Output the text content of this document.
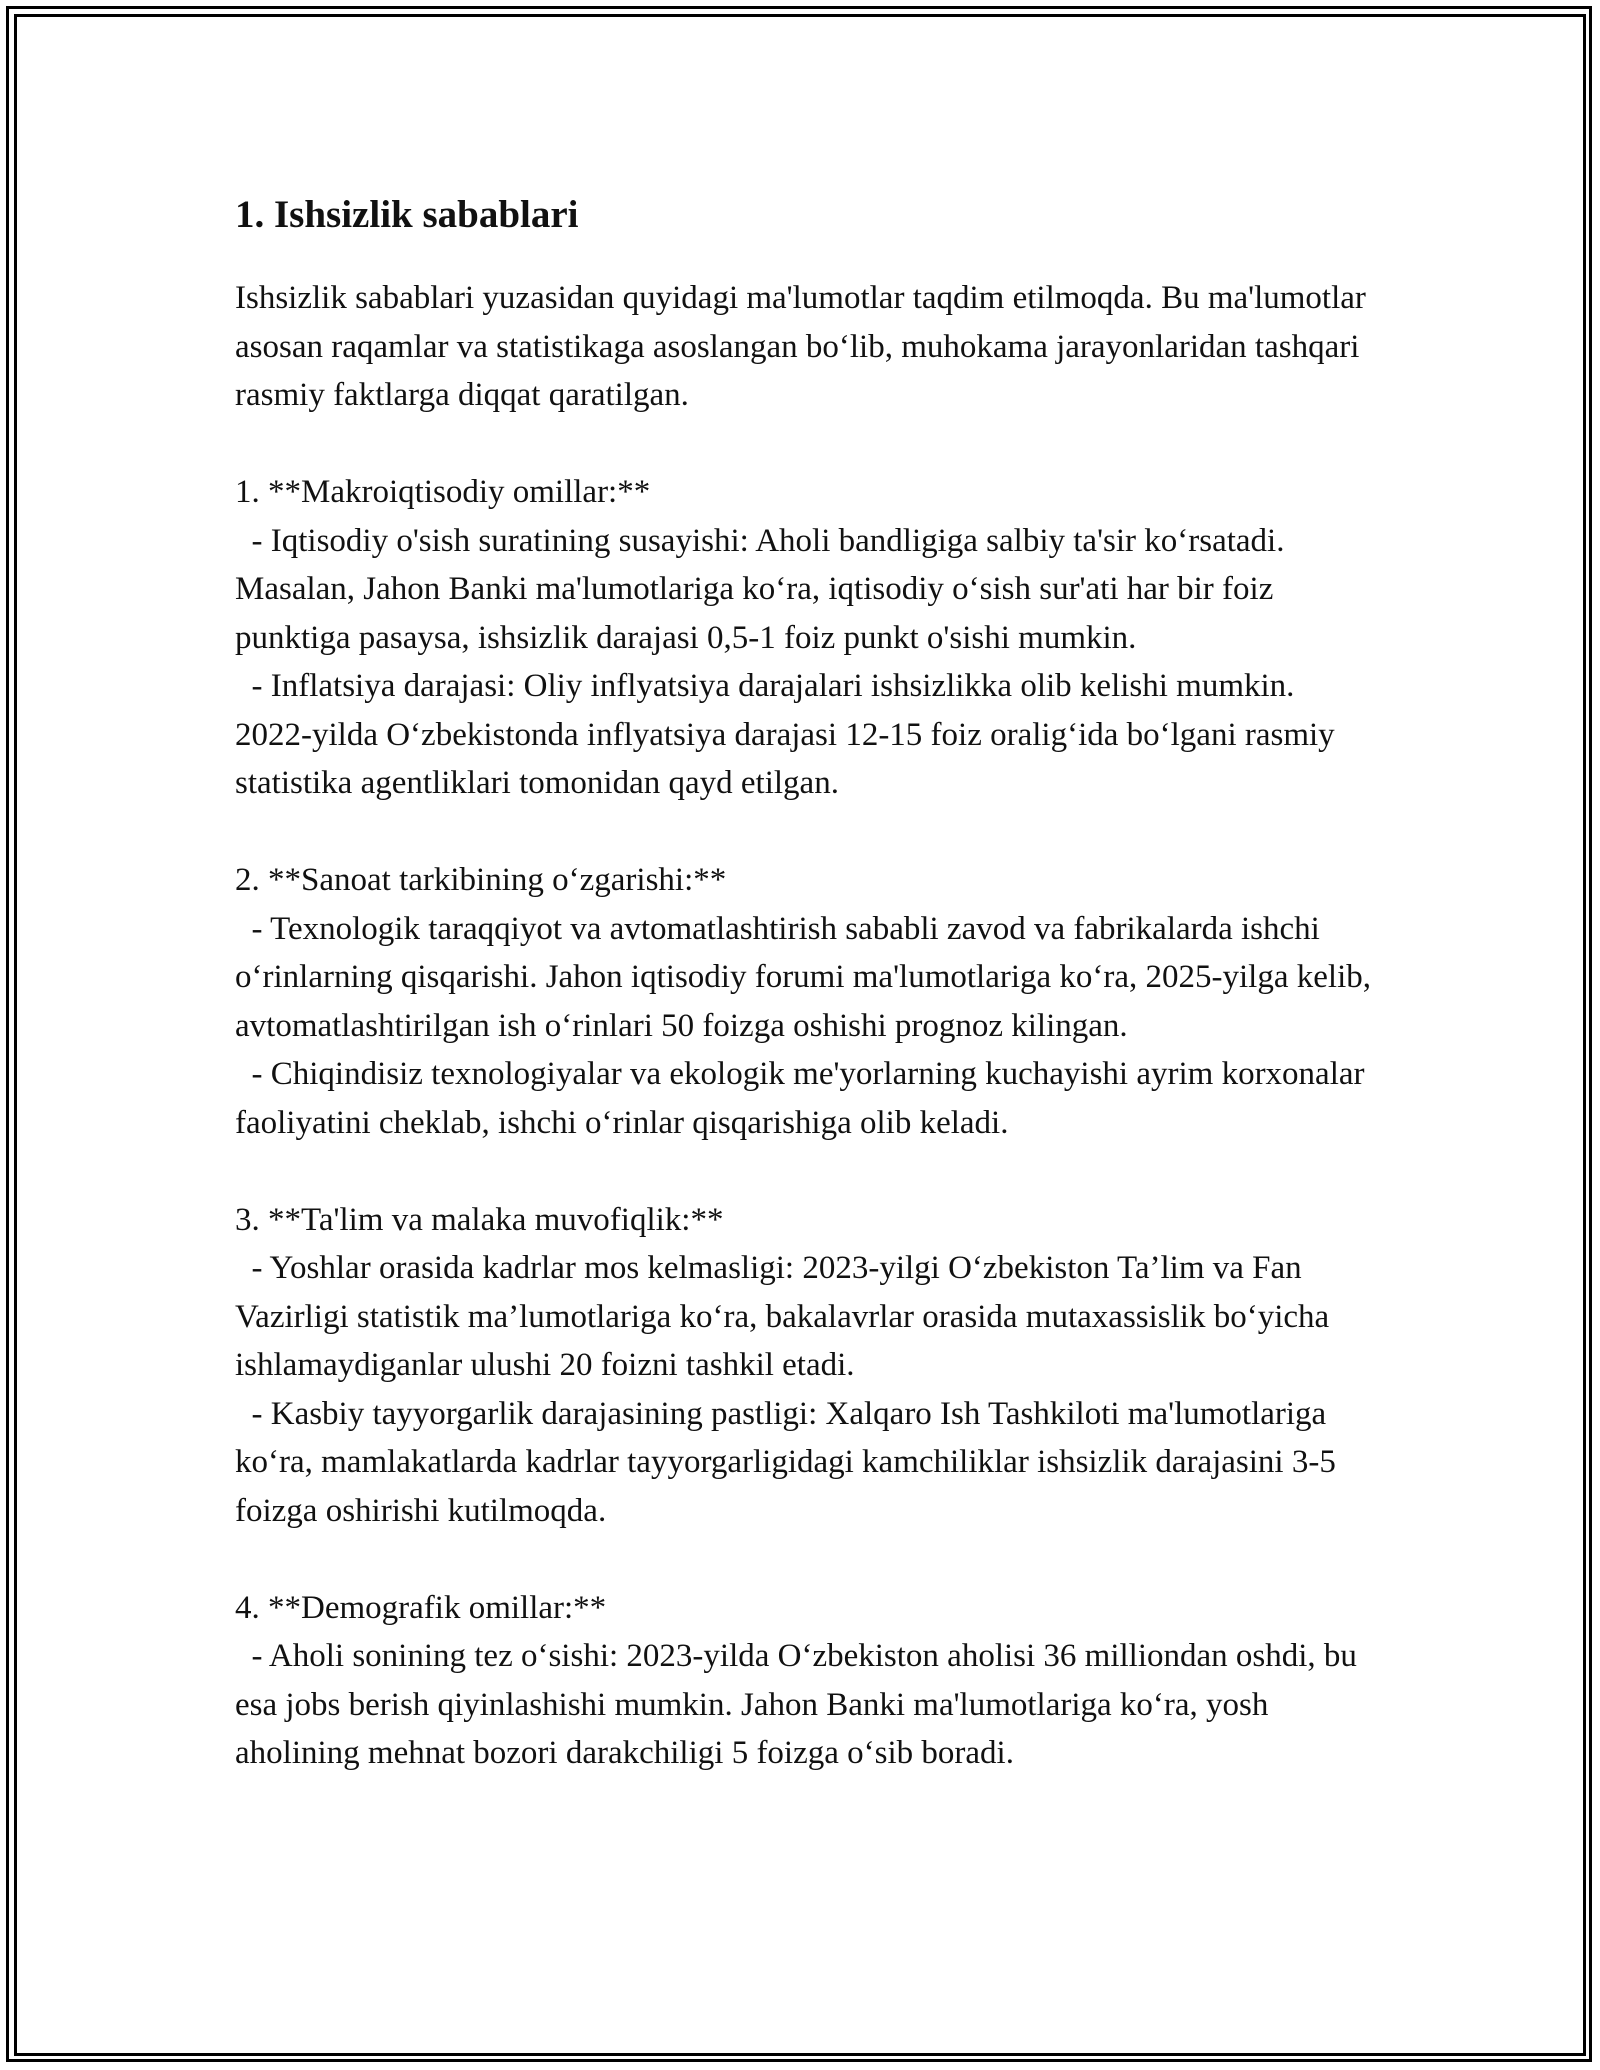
1. Ishsizlik sabablari

Ishsizlik sabablari yuzasidan quyidagi ma'lumotlar taqdim etilmoqda. Bu ma'lumotlar asosan raqamlar va statistikaga asoslangan bo‘lib, muhokama jarayonlaridan tashqari rasmiy faktlarga diqqat qaratilgan.

1. **Makroiqtisodiy omillar:**

- Iqtisodiy o'sish suratining susayishi: Aholi bandligiga salbiy ta'sir ko‘rsatadi. Masalan, Jahon Banki ma'lumotlariga ko‘ra, iqtisodiy o‘sish sur'ati har bir foiz punktiga pasaysa, ishsizlik darajasi 0,5-1 foiz punkt o'sishi mumkin.

- Inflatsiya darajasi: Oliy inflyatsiya darajalari ishsizlikka olib kelishi mumkin. 2022-yilda O‘zbekistonda inflyatsiya darajasi 12-15 foiz oralig‘ida bo‘lgani rasmiy statistika agentliklari tomonidan qayd etilgan.

2. **Sanoat tarkibining o‘zgarishi:**

- Texnologik taraqqiyot va avtomatlashtirish sababli zavod va fabrikalarda ishchi o‘rinlarning qisqarishi. Jahon iqtisodiy forumi ma'lumotlariga ko‘ra, 2025-yilga kelib, avtomatlashtirilgan ish o‘rinlari 50 foizga oshishi prognoz kilingan.

- Chiqindisiz texnologiyalar va ekologik me'yorlarning kuchayishi ayrim korxonalar faoliyatini cheklab, ishchi o‘rinlar qisqarishiga olib keladi.

3. **Ta'lim va malaka muvofiqlik:**

- Yoshlar orasida kadrlar mos kelmasligi: 2023-yilgi O‘zbekiston Ta’lim va Fan Vazirligi statistik ma’lumotlariga ko‘ra, bakalavrlar orasida mutaxassislik bo‘yicha ishlamaydiganlar ulushi 20 foizni tashkil etadi.

- Kasbiy tayyorgarlik darajasining pastligi: Xalqaro Ish Tashkiloti ma'lumotlariga ko‘ra, mamlakatlarda kadrlar tayyorgarligidagi kamchiliklar ishsizlik darajasini 3-5 foizga oshirishi kutilmoqda.

4. **Demografik omillar:**

- Aholi sonining tez o‘sishi: 2023-yilda O‘zbekiston aholisi 36 milliondan oshdi, bu esa jobs berish qiyinlashishi mumkin. Jahon Banki ma'lumotlariga ko‘ra, yosh aholining mehnat bozori darakchiligi 5 foizga o‘sib boradi.
